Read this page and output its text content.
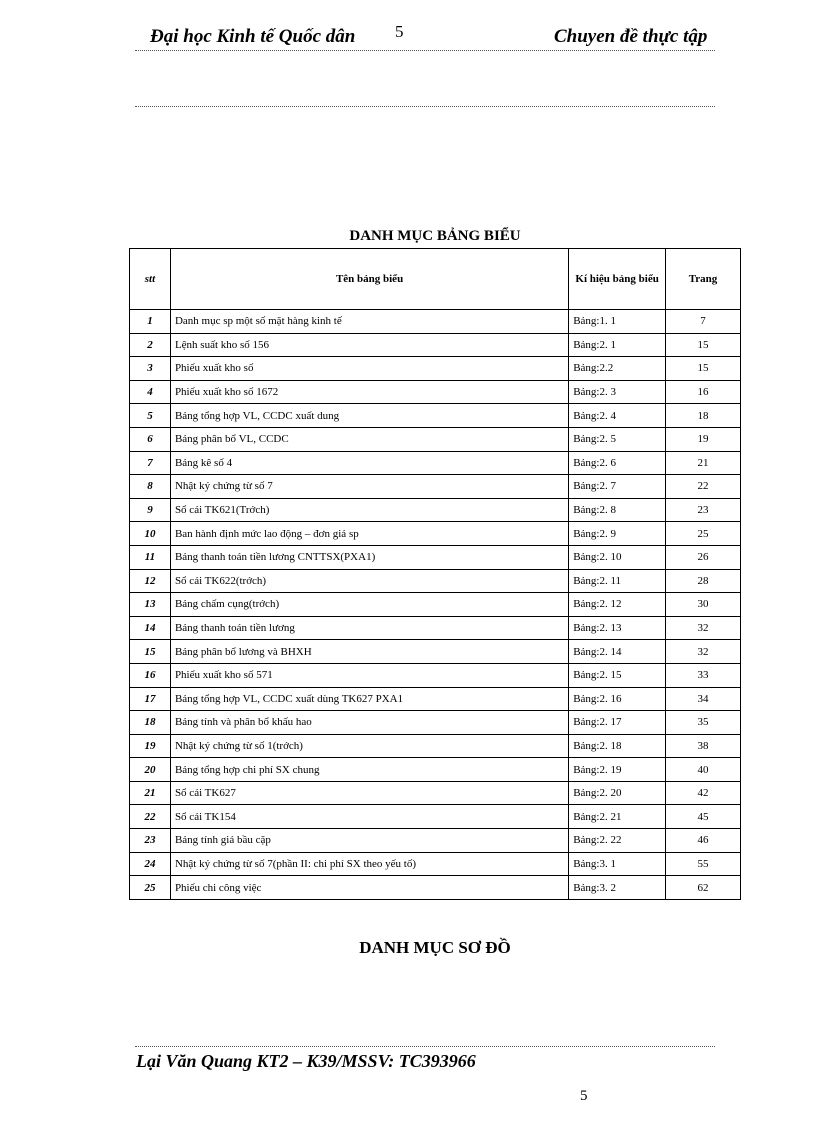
Đại học Kinh tế Quốc dân 5	Chuyen đề thực tập
DANH MỤC BẢNG BIỂU
stt	Tên bảng biểu	Kí hiệu bảng biểu	Trang
1	Danh mục sp một số mặt hàng kinh tế	Bảng:1. 1	7
2	Lệnh suất kho số 156	Bảng:2. 1	15
3	Phiếu xuất kho số	Bảng:2.2	15
4	Phiếu xuất kho số 1672	Bảng:2. 3	16
5	Bảng tổng hợp VL, CCDC xuất dung	Bảng:2. 4	18
6	Bảng phân bổ VL, CCDC	Bảng:2. 5	19
7	Bảng kê số 4	Bảng:2. 6	21
8	Nhật ký chứng từ số 7	Bảng:2. 7	22
9	Sổ cái TK621(Trớch)	Bảng:2. 8	23
10	Ban hành định mức lao động – đơn giá sp	Bảng:2. 9	25
11	Bảng thanh toán tiền lương CNTTSX(PXA1)	Bảng:2. 10	26
12	Sổ cái TK622(trớch)	Bảng:2. 11	28
13	Bảng chấm cụng(trớch)	Bảng:2. 12	30
14	Bảng thanh toán tiền lương	Bảng:2. 13	32
15	Bảng phân bổ lương và BHXH	Bảng:2. 14	32
16	Phiếu xuất kho số 571	Bảng:2. 15	33
17	Bảng tổng hợp VL, CCDC xuất dùng TK627 PXA1	Bảng:2. 16	34
18	Bảng tính và phân bổ khấu hao	Bảng:2. 17	35
19	Nhật ký chứng từ số 1(trớch)	Bảng:2. 18	38
20	Bảng tổng hợp chi phí SX chung	Bảng:2. 19	40
21	Sổ cái TK627	Bảng:2. 20	42
22	Sổ cái TK154	Bảng:2. 21	45
23	Bảng tính giá bầu cặp	Bảng:2. 22	46
24	Nhật ký chứng từ số 7(phần II: chi phí SX theo yếu tố)	Bảng:3. 1	55
25	Phiếu chi công việc	Bảng:3. 2	62
DANH MỤC SƠ ĐỒ
Lại Văn Quang KT2 – K39/MSSV: TC393966
5
